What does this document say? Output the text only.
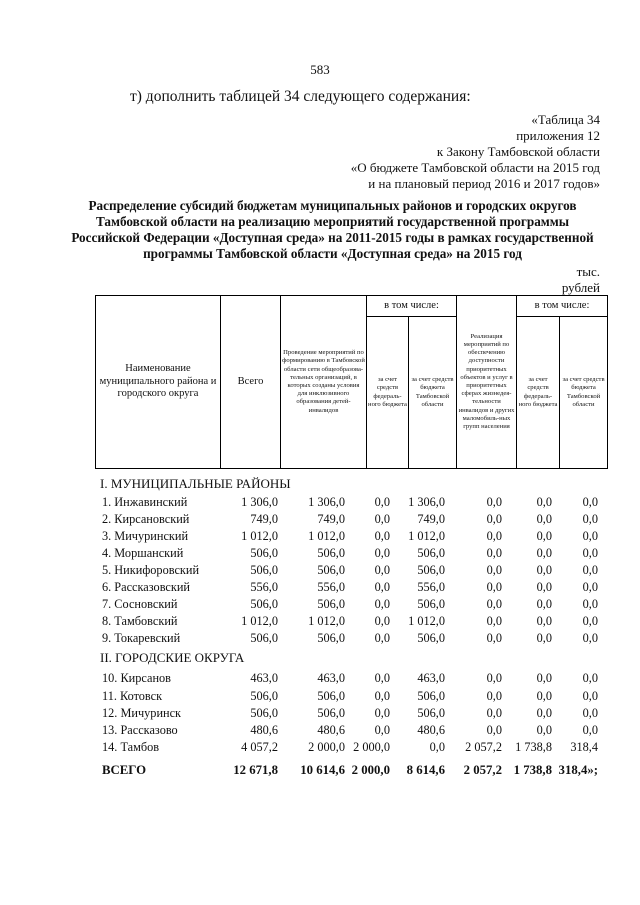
583
т) дополнить таблицей 34 следующего содержания:
«Таблица 34
приложения 12
к Закону Тамбовской области
«О бюджете Тамбовской области на 2015 год
и на плановый период 2016 и 2017 годов»
Распределение субсидий бюджетам муниципальных районов и городских округов Тамбовской области на реализацию мероприятий государственной программы Российской Федерации «Доступная среда» на 2011-2015 годы в рамках государственной программы Тамбовской области «Доступная среда» на 2015 год
тыс.
рублей
Наименование муниципального района и городского округа	Всего	Проведение мероприятий по формированию в Тамбовской области сети общеобразова-тельных организаций, в которых созданы условия для инклюзивного образования детей-инвалидов	в том числе:		Реализация мероприятий по обеспечению доступности приоритетных объектов и услуг в приоритетных сферах жизнедея-тельности инвалидов и других маломобиль-ных групп населения	в том числе:	
			за счет средств федераль-ного бюджета	за счет средств бюджета Тамбовской области		за счет средств федераль-ного бюджета	за счет средств бюджета Тамбовской области
I. МУНИЦИПАЛЬНЫЕ РАЙОНЫ
1. Инжавинский	1 306,0 1 306,0 0,0 1 306,0	0,0	0,0 0,0
2. Кирсановский	749,0	749,0 0,0 749,0	0,0	0,0 0,0
3. Мичуринский	1 012,0 1 012,0 0,0 1 012,0	0,0	0,0 0,0
4. Моршанский	506,0	506,0 0,0 506,0	0,0	0,0 0,0
5. Никифоровский	506,0	506,0 0,0 506,0	0,0	0,0 0,0
6. Рассказовский	556,0	556,0 0,0 556,0	0,0	0,0 0,0
7. Сосновский	506,0	506,0 0,0 506,0	0,0	0,0 0,0
8. Тамбовский	1 012,0 1 012,0 0,0 1 012,0	0,0	0,0 0,0
9. Токаревский	506,0	506,0 0,0 506,0	0,0	0,0 0,0
II. ГОРОДСКИЕ ОКРУГА
10. Кирсанов	463,0	463,0 0,0 463,0	0,0	0,0 0,0
11. Котовск	506,0	506,0 0,0 506,0	0,0	0,0 0,0
12. Мичуринск	506,0	506,0 0,0 506,0	0,0	0,0 0,0
13. Рассказово	480,6	480,6 0,0 480,6	0,0	0,0 0,0
14. Тамбов	4 057,2 2 000,0 2 000,0	0,0 2 057,2 1 738,8 318,4
ВСЕГО	12 671,8 10 614,6 2 000,0 8 614,6 2 057,2 1 738,8 318,4»;
